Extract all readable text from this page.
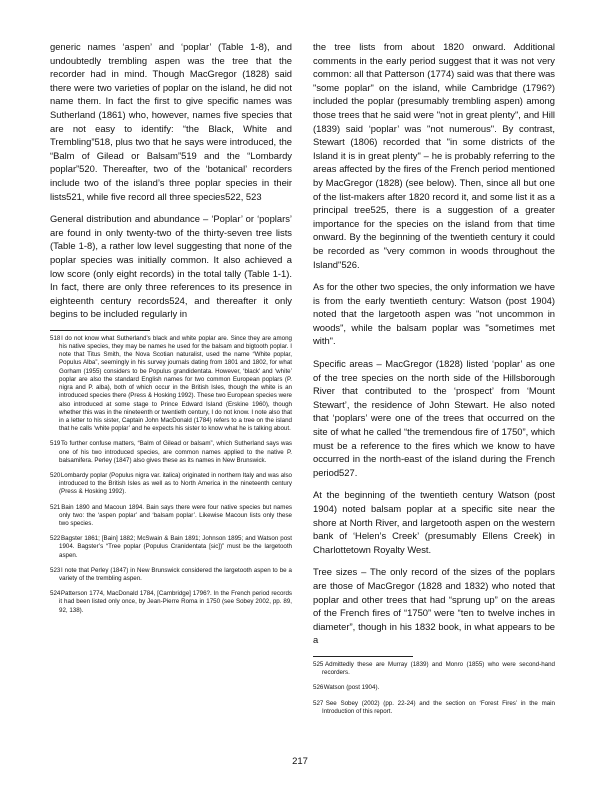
generic names ‘aspen’ and ‘poplar’ (Table 1-8), and undoubtedly trembling aspen was the tree that the recorder had in mind. Though MacGregor (1828) said there were two varieties of poplar on the island, he did not name them. In fact the first to give specific names was Sutherland (1861) who, however, names five species that are not easy to identify: “the Black, White and Trembling”518, plus two that he says were introduced, the “Balm of Gilead or Balsam”519 and the “Lombardy poplar”520. Thereafter, two of the ‘botanical’ recorders include two of the island’s three poplar species in their lists521, while five record all three species522, 523

General distribution and abundance – ‘Poplar’ or ‘poplars’ are found in only twenty-two of the thirty-seven tree lists (Table 1-8), a rather low level suggesting that none of the poplar species was initially common. It also achieved a low score (only eight records) in the total tally (Table 1-1). In fact, there are only three references to its presence in eighteenth century records524, and thereafter it only begins to be included regularly in

518 I do not know what Sutherland’s black and white poplar are. Since they are among his native species, they may be names he used for the balsam and bigtooth poplar. I note that Titus Smith, the Nova Scotian naturalist, used the name “White poplar, Populus Alba”, seemingly in his survey journals dating from 1801 and 1802, for what Gorham (1955) considers to be Populus grandidentata. However, ‘black’ and ‘white’ poplar are also the standard English names for two common European poplars (P. nigra and P. alba), both of which occur in the British Isles, though the white is an introduced species there (Press & Hosking 1992). These two European species were also introduced at some stage to Prince Edward Island (Erskine 1960), though whether this was in the nineteenth or twentieth century, I do not know. I note also that in a letter to his sister, Captain John MacDonald (1784) refers to a tree on the island that he calls ‘white poplar’ and he expects his sister to know what he is talking about.

519 To further confuse matters, “Balm of Gilead or balsam”, which Sutherland says was one of his two introduced species, are common names applied to the native P. balsamifera. Perley (1847) also gives these as its names in New Brunswick.

520 Lombardy poplar (Populus nigra var. italica) originated in northern Italy and was also introduced to the British Isles as well as to North America in the nineteenth century (Press & Hosking 1992).

521 Bain 1890 and Macoun 1894. Bain says there were four native species but names only two: the ‘aspen poplar’ and ‘balsam poplar’. Likewise Macoun lists only these two species.

522 Bagster 1861; [Bain] 1882; McSwain & Bain 1891; Johnson 1895; and Watson post 1904. Bagster’s “Tree poplar (Populus Cranidentata [sic])” must be the largetooth aspen.

523 I note that Perley (1847) in New Brunswick considered the largetooth aspen to be a variety of the trembling aspen.

524 Patterson 1774, MacDonald 1784, [Cambridge] 1796?. In the French period records it had been listed only once, by Jean-Pierre Roma in 1750 (see Sobey 2002, pp. 89, 92, 138).

the tree lists from about 1820 onward. Additional comments in the early period suggest that it was not very common: all that Patterson (1774) said was that there was "some poplar" on the island, while Cambridge (1796?) included the poplar (presumably trembling aspen) among those trees that he said were "not in great plenty", and Hill (1839) said ‘poplar’ was "not numerous". By contrast, Stewart (1806) recorded that "in some districts of the Island it is in great plenty" – he is probably referring to the areas affected by the fires of the French period mentioned by MacGregor (1828) (see below). Then, since all but one of the list-makers after 1820 record it, and some list it as a principal tree525, there is a suggestion of a greater importance for the species on the island from that time onward. By the beginning of the twentieth century it could be recorded as "very common in woods throughout the Island"526.

As for the other two species, the only information we have is from the early twentieth century: Watson (post 1904) noted that the largetooth aspen was "not uncommon in woods", while the balsam poplar was "sometimes met with".

Specific areas – MacGregor (1828) listed ‘poplar’ as one of the tree species on the north side of the Hillsborough River that contributed to the ‘prospect’ from ‘Mount Stewart’, the residence of John Stewart. He also noted that ‘poplars’ were one of the trees that occurred on the site of what he called “the tremendous fire of 1750”, which must be a reference to the fires which we know to have occurred in the north-east of the island during the French period527.

At the beginning of the twentieth century Watson (post 1904) noted balsam poplar at a specific site near the shore at North River, and largetooth aspen on the western bank of ‘Helen’s Creek’ (presumably Ellens Creek) in Charlottetown Royalty West.

Tree sizes – The only record of the sizes of the poplars are those of MacGregor (1828 and 1832) who noted that poplar and other trees that had “sprung up” on the areas of the French fires of “1750” were “ten to twelve inches in diameter”, though in his 1832 book, in what appears to be a

525 Admittedly these are Murray (1839) and Monro (1855) who were second-hand recorders.

526 Watson (post 1904).

527 See Sobey (2002) (pp. 22-24) and the section on ‘Forest Fires’ in the main Introduction of this report.

217
